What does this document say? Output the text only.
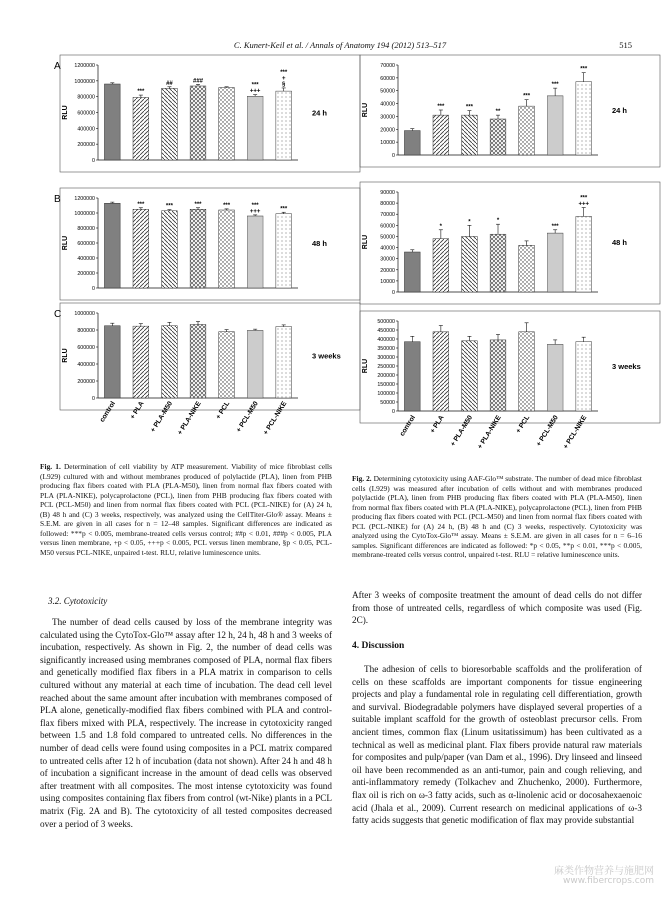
C. Kunert-Keil et al. / Annals of Anatomy 194 (2012) 513–517	515
0
200000
400000
600000
800000
1000000
1200000
RLU
A
24 h
***
##	###
***
+++
***
+
§
0
200000
400000
600000
800000
1000000
1200000
RLU
B
48 h
***	***	***	***	***
+++	***
0
200000
400000
600000
800000
1000000
RLU
C
3 weeks
control + PLA + PLA-M50 + PLA-NIKE + PCL + PCL-M50 + PCL-NIKE
0
10000
20000
30000
40000
50000
60000
70000
RLU	24 h
***	***
**
***
***
***
0
10000
20000
30000
40000
50000
60000
70000
80000
90000
RLU	48 h
*
*	*
***
***
+++
0
50000
100000
150000
200000
250000
300000
350000
400000
450000
500000
RLU	3 weeks
control + PLA + PLA-M50 + PLA-NIKE + PCL + PCL-M50 + PCL-NIKE
Fig. 1. Determination of cell viability by ATP measurement. Viability of mice fibroblast cells (L929) cultured with and without membranes produced of polylactide (PLA), linen from PHB producing flax fibers coated with PLA (PLA-M50), linen from normal flax fibers coated with PLA (PLA-NIKE), polycaprolactone (PCL), linen from PHB producing flax fibers coated with PCL (PCL-M50) and linen from normal flax fibers coated with PCL (PCL-NIKE) for (A) 24 h, (B) 48 h and (C) 3 weeks, respectively, was analyzed using the CellTiter-Glo® assay. Means ± S.E.M. are given in all cases for n = 12–48 samples. Significant differences are indicated as followed: ***p < 0.005, membrane-treated cells versus control; ##p < 0.01, ###p < 0.005, PLA versus linen membrane, +p < 0.05, +++p < 0.005, PCL versus linen membrane, §p < 0.05, PCL-M50 versus PCL-NIKE, unpaired t-test. RLU, relative luminescence units.
Fig. 2. Determining cytotoxicity using AAF-Glo™ substrate. The number of dead mice fibroblast cells (L929) was measured after incubation of cells without and with membranes produced polylactide (PLA), linen from PHB producing flax fibers coated with PLA (PLA-M50), linen from normal flax fibers coated with PLA (PLA-NIKE), polycaprolactone (PCL), linen from PHB producing flax fibers coated with PCL (PCL-M50) and linen from normal flax fibers coated with PCL (PCL-NIKE) for (A) 24 h, (B) 48 h and (C) 3 weeks, respectively. Cytotoxicity was analyzed using the CytoTox-Glo™ assay. Means ± S.E.M. are given in all cases for n = 6–16 samples. Significant differences are indicated as followed: *p < 0.05, **p < 0.01, ***p < 0.005, membrane-treated cells versus control, unpaired t-test. RLU = relative luminescence units.
3.2. Cytotoxicity

The number of dead cells caused by loss of the membrane integrity was calculated using the CytoTox-Glo™ assay after 12 h, 24 h, 48 h and 3 weeks of incubation, respectively. As shown in Fig. 2, the number of dead cells was significantly increased using membranes composed of PLA, normal flax fibers and genetically modified flax fibers in a PLA matrix in comparison to cells cultured without any material at each time of incubation. The dead cell level reached about the same amount after incubation with membranes composed of PLA alone, genetically-modified flax fibers combined with PLA and control-flax fibers mixed with PLA, respectively. The increase in cytotoxicity ranged between 1.5 and 1.8 fold compared to untreated cells. No differences in the number of dead cells were found using composites in a PCL matrix compared to untreated cells after 12 h of incubation (data not shown). After 24 h and 48 h of incubation a significant increase in the amount of dead cells was observed after treatment with all composites. The most intense cytotoxicity was found using composites containing flax fibers from control (wt-Nike) plants in a PCL matrix (Fig. 2A and B). The cytotoxicity of all tested composites decreased over a period of 3 weeks.

After 3 weeks of composite treatment the amount of dead cells do not differ from those of untreated cells, regardless of which composite was used (Fig. 2C).

4. Discussion

The adhesion of cells to bioresorbable scaffolds and the proliferation of cells on these scaffolds are important components for tissue engineering projects and play a fundamental role in regulating cell differentiation, growth and survival. Biodegradable polymers have displayed several properties of a suitable implant scaffold for the growth of osteoblast precursor cells. From ancient times, common flax (Linum usitatissimum) has been cultivated as a technical as well as medicinal plant. Flax fibers provide natural raw materials for composites and pulp/paper (van Dam et al., 1996). Dry linseed and linseed oil have been recommended as an anti-tumor, pain and cough relieving, and anti-inflammatory remedy (Tolkachev and Zhuchenko, 2000). Furthermore, flax oil is rich on ω-3 fatty acids, such as α-linolenic acid or docosahexaenoic acid (Jhala et al., 2009). Current research on medicinal applications of ω-3 fatty acids suggests that genetic modification of flax may provide substantial

麻类作物营养与施肥网
www.fibercrops.com
